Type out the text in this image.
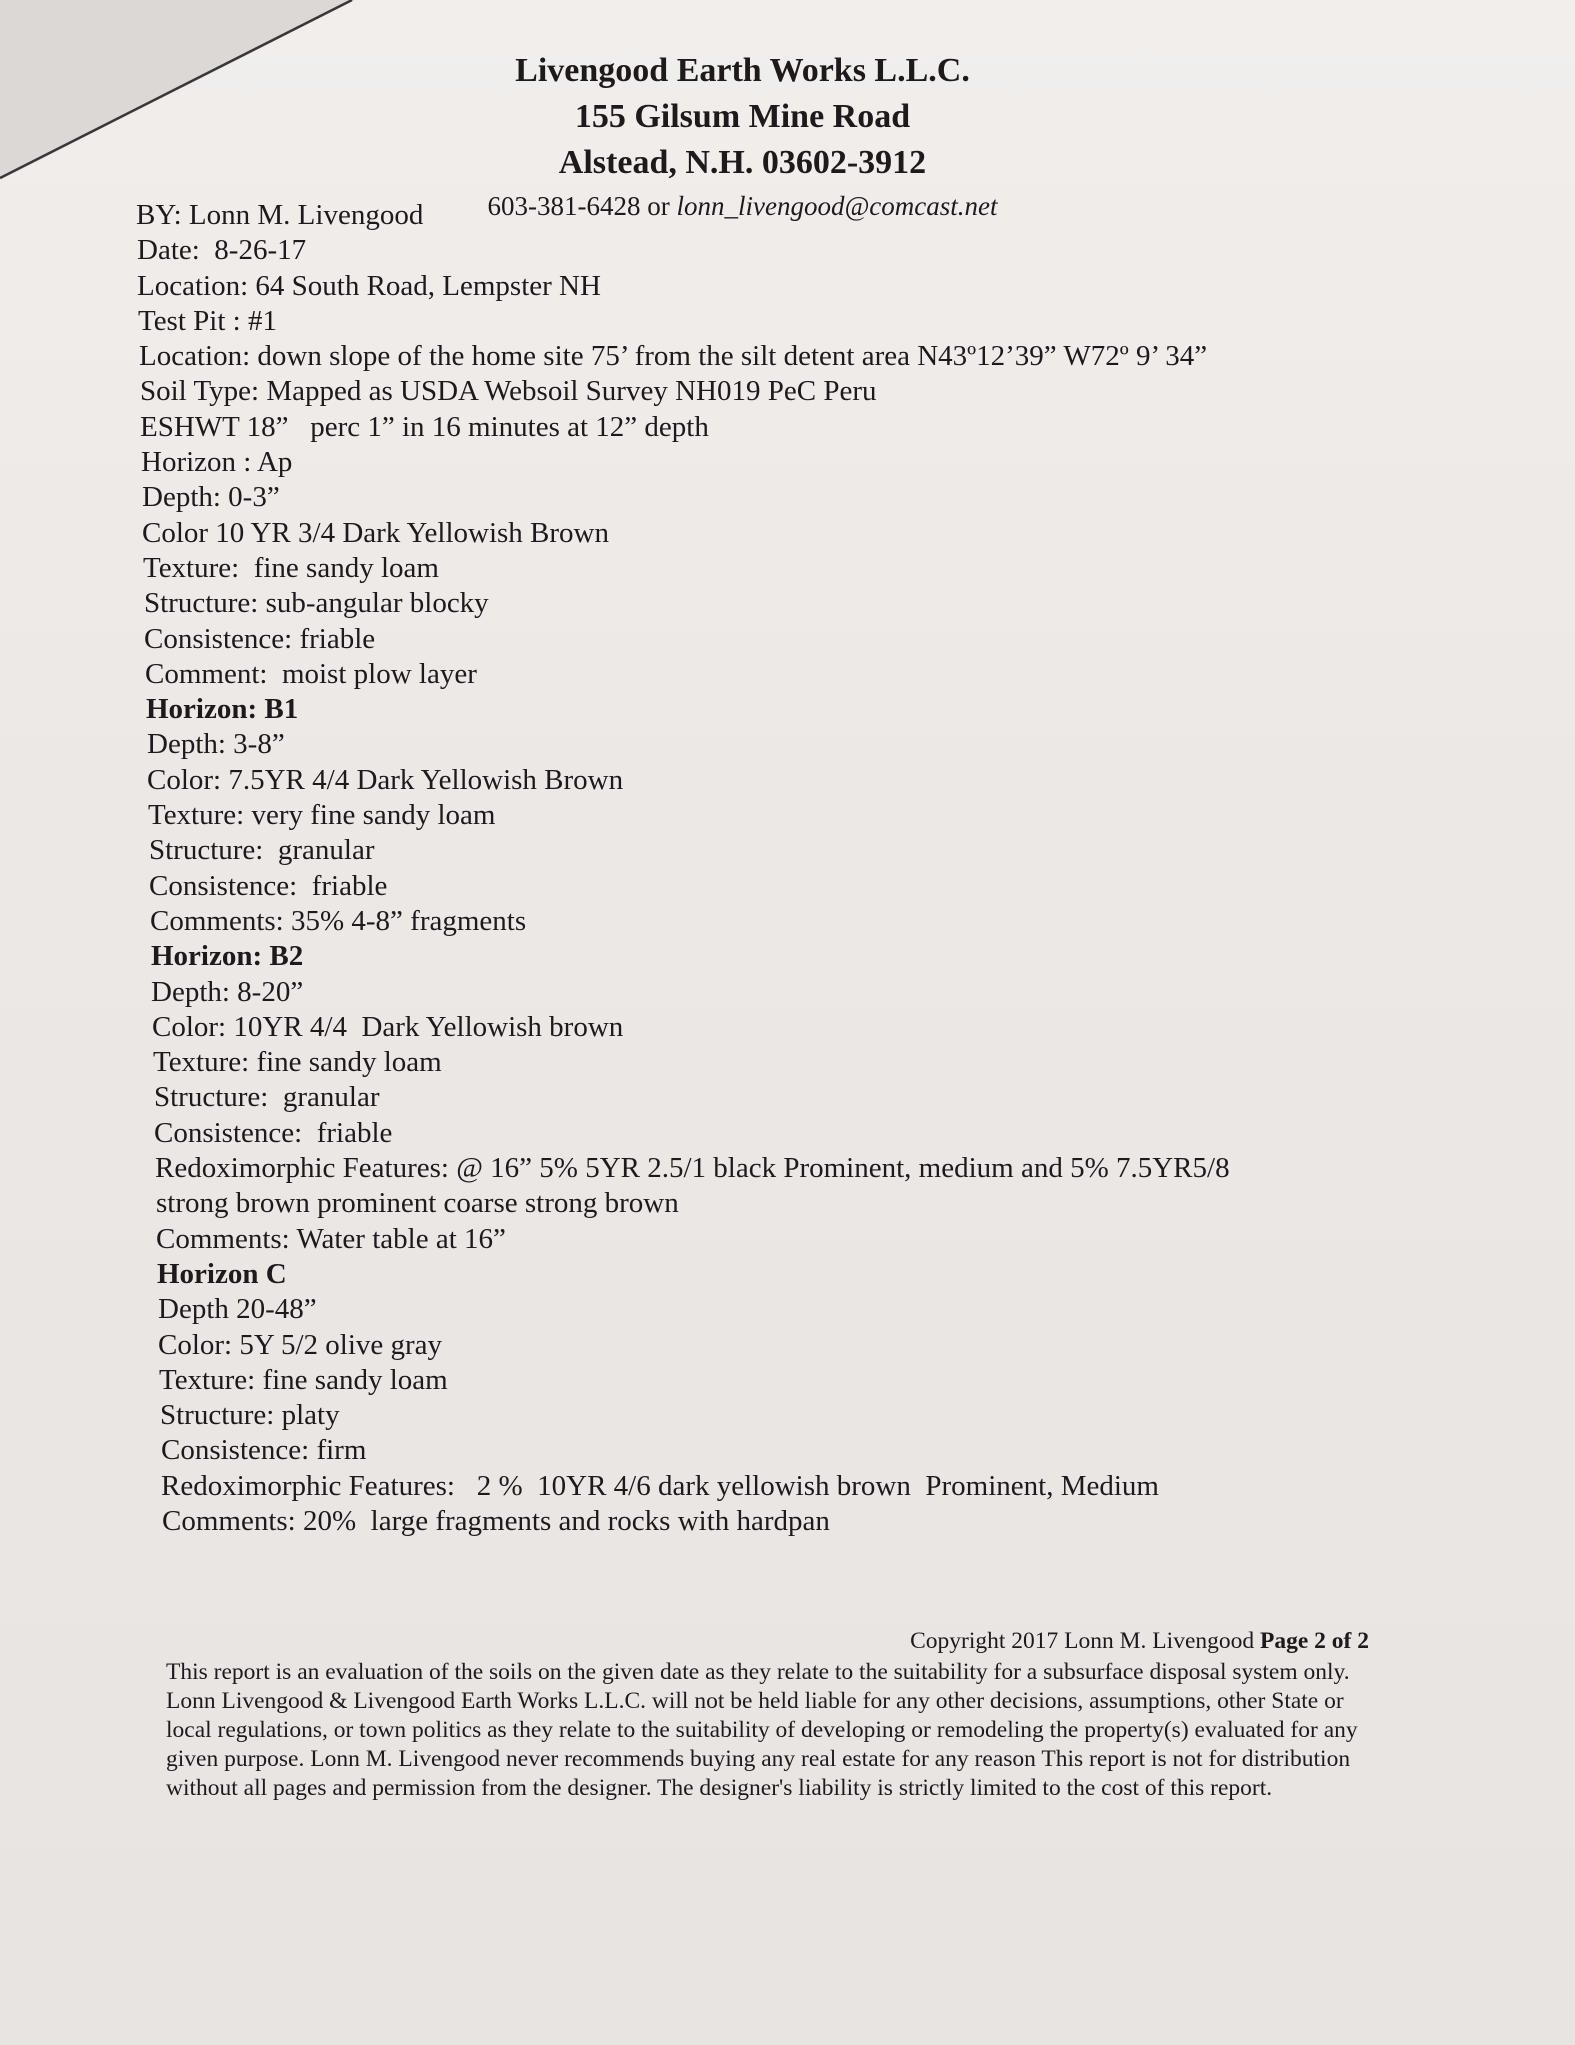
Livengood Earth Works L.L.C.
155 Gilsum Mine Road
Alstead, N.H. 03602-3912
603-381-6428 or lonn_livengood@comcast.net
BY: Lonn M. Livengood
Date:  8-26-17
Location: 64 South Road, Lempster NH
Test Pit : #1
Location: down slope of the home site 75’ from the silt detent area N43º12’39” W72º 9’ 34”
Soil Type: Mapped as USDA Websoil Survey NH019 PeC Peru
ESHWT 18”   perc 1” in 16 minutes at 12” depth
Horizon : Ap
Depth: 0-3”
Color 10 YR 3/4 Dark Yellowish Brown
Texture:  fine sandy loam
Structure: sub-angular blocky
Consistence: friable
Comment:  moist plow layer
Horizon: B1
Depth: 3-8”
Color: 7.5YR 4/4 Dark Yellowish Brown
Texture: very fine sandy loam
Structure:  granular
Consistence:  friable
Comments: 35% 4-8” fragments
Horizon: B2
Depth: 8-20”
Color: 10YR 4/4  Dark Yellowish brown
Texture: fine sandy loam
Structure:  granular
Consistence:  friable
Redoximorphic Features: @ 16” 5% 5YR 2.5/1 black Prominent, medium and 5% 7.5YR5/8
strong brown prominent coarse strong brown
Comments: Water table at 16”
Horizon C
Depth 20-48”
Color: 5Y 5/2 olive gray
Texture: fine sandy loam
Structure: platy
Consistence: firm
Redoximorphic Features:   2 %  10YR 4/6 dark yellowish brown  Prominent, Medium
Comments: 20%  large fragments and rocks with hardpan
Copyright 2017 Lonn M. Livengood Page 2 of 2
This report is an evaluation of the soils on the given date as they relate to the suitability for a subsurface disposal system only. Lonn Livengood & Livengood Earth Works L.L.C. will not be held liable for any other decisions, assumptions, other State or local regulations, or town politics as they relate to the suitability of developing or remodeling the property(s) evaluated for any given purpose. Lonn M. Livengood never recommends buying any real estate for any reason This report is not for distribution without all pages and permission from the designer. The designer's liability is strictly limited to the cost of this report.
